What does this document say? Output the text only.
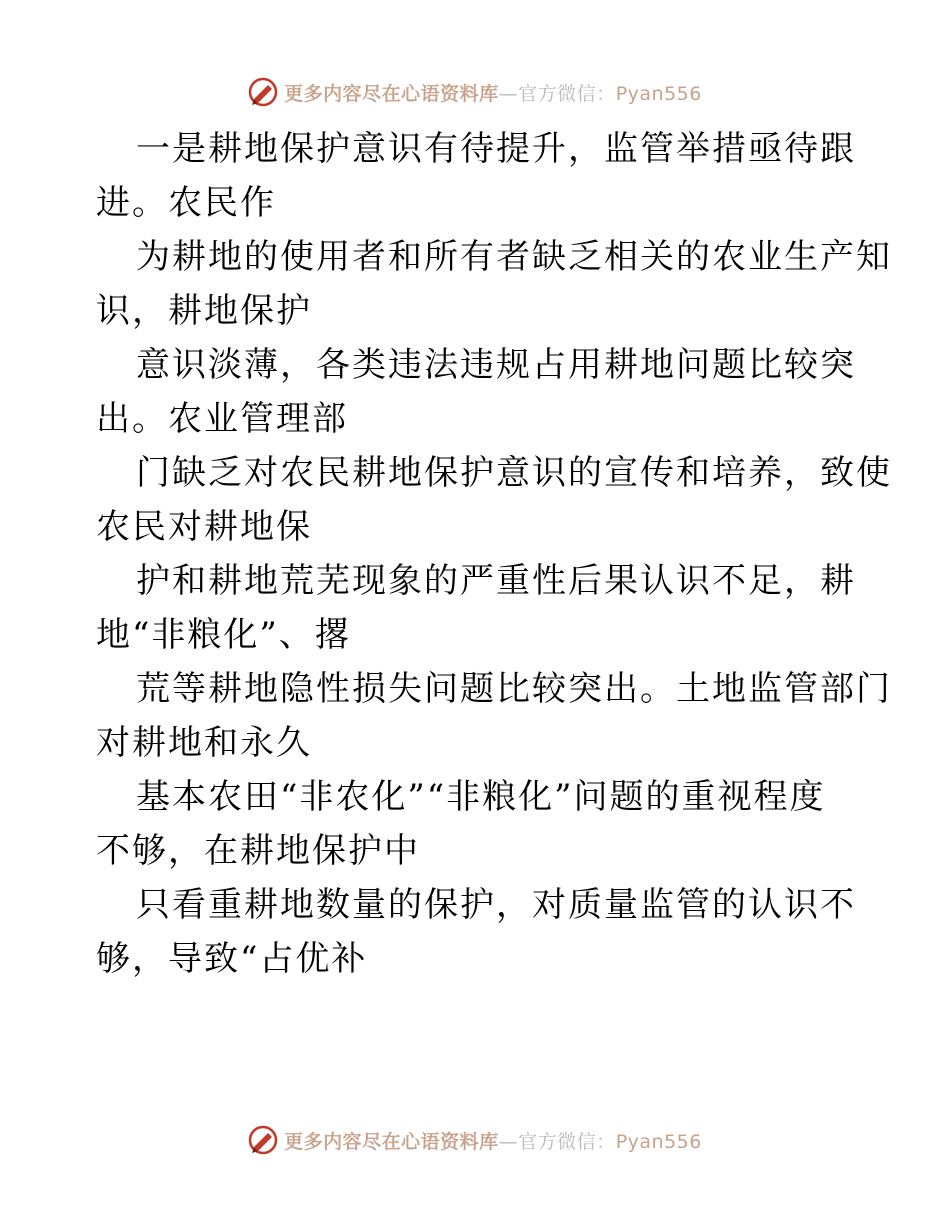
更多内容尽在心语资料库—官方微信：Pyan556

一是耕地保护意识有待提升，监管举措亟待跟
进。农民作

为耕地的使用者和所有者缺乏相关的农业生产知
识，耕地保护

意识淡薄，各类违法违规占用耕地问题比较突
出。农业管理部

门缺乏对农民耕地保护意识的宣传和培养，致使
农民对耕地保

护和耕地荒芜现象的严重性后果认识不足，耕
地“非粮化”、撂

荒等耕地隐性损失问题比较突出。土地监管部门
对耕地和永久

基本农田“非农化”“非粮化”问题的重视程度
不够，在耕地保护中

只看重耕地数量的保护，对质量监管的认识不
够，导致“占优补

更多内容尽在心语资料库—官方微信：Pyan556
